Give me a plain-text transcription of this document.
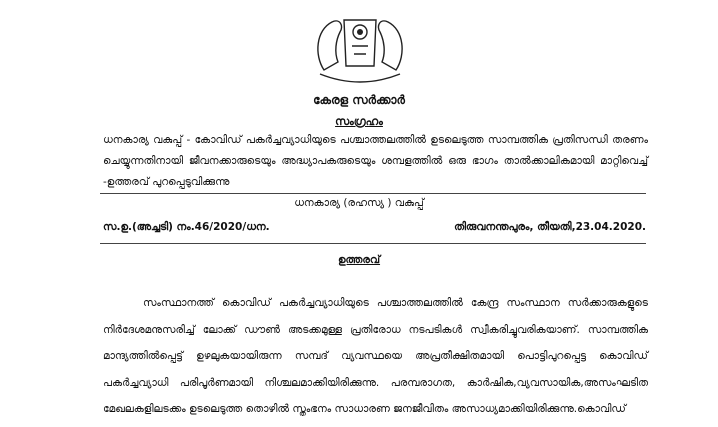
കേരള സർക്കാർ
സംഗ്രഹം
ധനകാര്യ വകുപ്പ് - കോവിഡ് പകർച്ചവ്യാധിയുടെ പശ്ചാത്തലത്തിൽ ഉടലെടുത്ത സാമ്പത്തിക പ്രതിസന്ധി തരണം ചെയ്യുന്നതിനായി ജീവനക്കാരുടെയും അദ്ധ്യാപകരുടെയും ശമ്പളത്തിൽ ഒരു ഭാഗം താൽക്കാലികമായി മാറ്റിവെച്ച് -ഉത്തരവ് പുറപ്പെടുവിക്കുന്നു
ധനകാര്യ (രഹസ്യ ) വകുപ്പ്
സ.ഉ.(അച്ചടി) നം.46/2020/ധന.	തിരുവനന്തപുരം, തീയതി,23.04.2020.
ഉത്തരവ്
സംസ്ഥാനത്ത് കൊവിഡ് പകർച്ചവ്യാധിയുടെ പശ്ചാത്തലത്തിൽ കേന്ദ്ര സംസ്ഥാന സർക്കാരുകളുടെ നിർദേശമനുസരിച്ച് ലോക്ക് ഡൗൺ അടക്കമുള്ള പ്രതിരോധ നടപടികൾ സ്വീകരിച്ചുവരികയാണ്. സാമ്പത്തിക മാന്ദ്യത്തിൽപ്പെട്ട് ഉഴലുകയായിരുന്ന സമ്പദ് വ്യവസ്ഥയെ അപ്രതീക്ഷിതമായി പൊട്ടിപുറപ്പെട്ട കൊവിഡ് പകർച്ചവ്യാധി പരിപൂർണമായി നിശ്ചലമാക്കിയിരിക്കുന്നു. പരമ്പരാഗത, കാർഷിക,വ്യവസായിക,അസംഘടിത മേഖലകളിലടക്കം ഉടലെടുത്ത തൊഴിൽ സ്തംഭനം സാധാരണ ജനജീവിതം അസാധ്യമാക്കിയിരിക്കുന്നു.കൊവിഡ്
